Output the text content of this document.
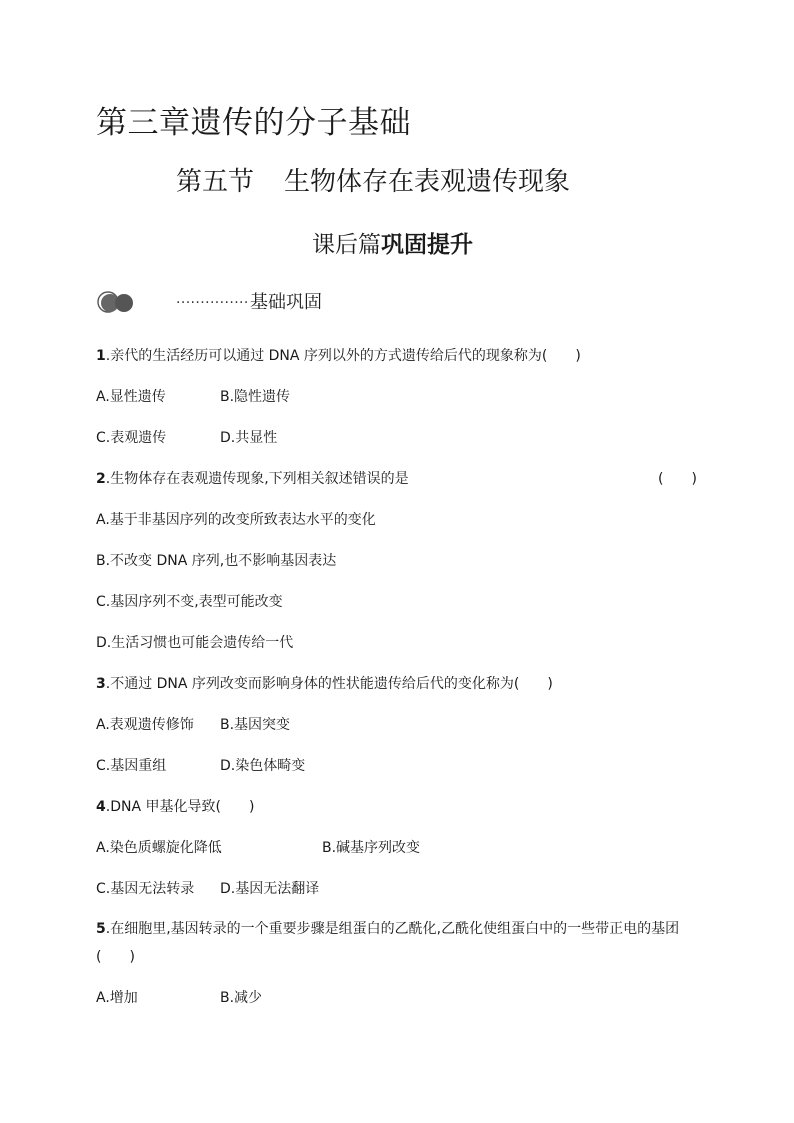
第三章遗传的分子基础
第五节 生物体存在表观遗传现象
课后篇巩固提升
··············· 基础巩固
1.亲代的生活经历可以通过 DNA 序列以外的方式遗传给后代的现象称为(　　)
A.显性遗传	B.隐性遗传
C.表观遗传	D.共显性
2.生物体存在表观遗传现象,下列相关叙述错误的是	(　　)
A.基于非基因序列的改变所致表达水平的变化
B.不改变 DNA 序列,也不影响基因表达
C.基因序列不变,表型可能改变
D.生活习惯也可能会遗传给一代
3.不通过 DNA 序列改变而影响身体的性状能遗传给后代的变化称为(　　)
A.表观遗传修饰 B.基因突变
C.基因重组	D.染色体畸变
4.DNA 甲基化导致(　　)
A.染色质螺旋化降低	B.碱基序列改变
C.基因无法转录 D.基因无法翻译
5.在细胞里,基因转录的一个重要步骤是组蛋白的乙酰化,乙酰化使组蛋白中的一些带正电的基团
(　　)
A.增加	B.减少
